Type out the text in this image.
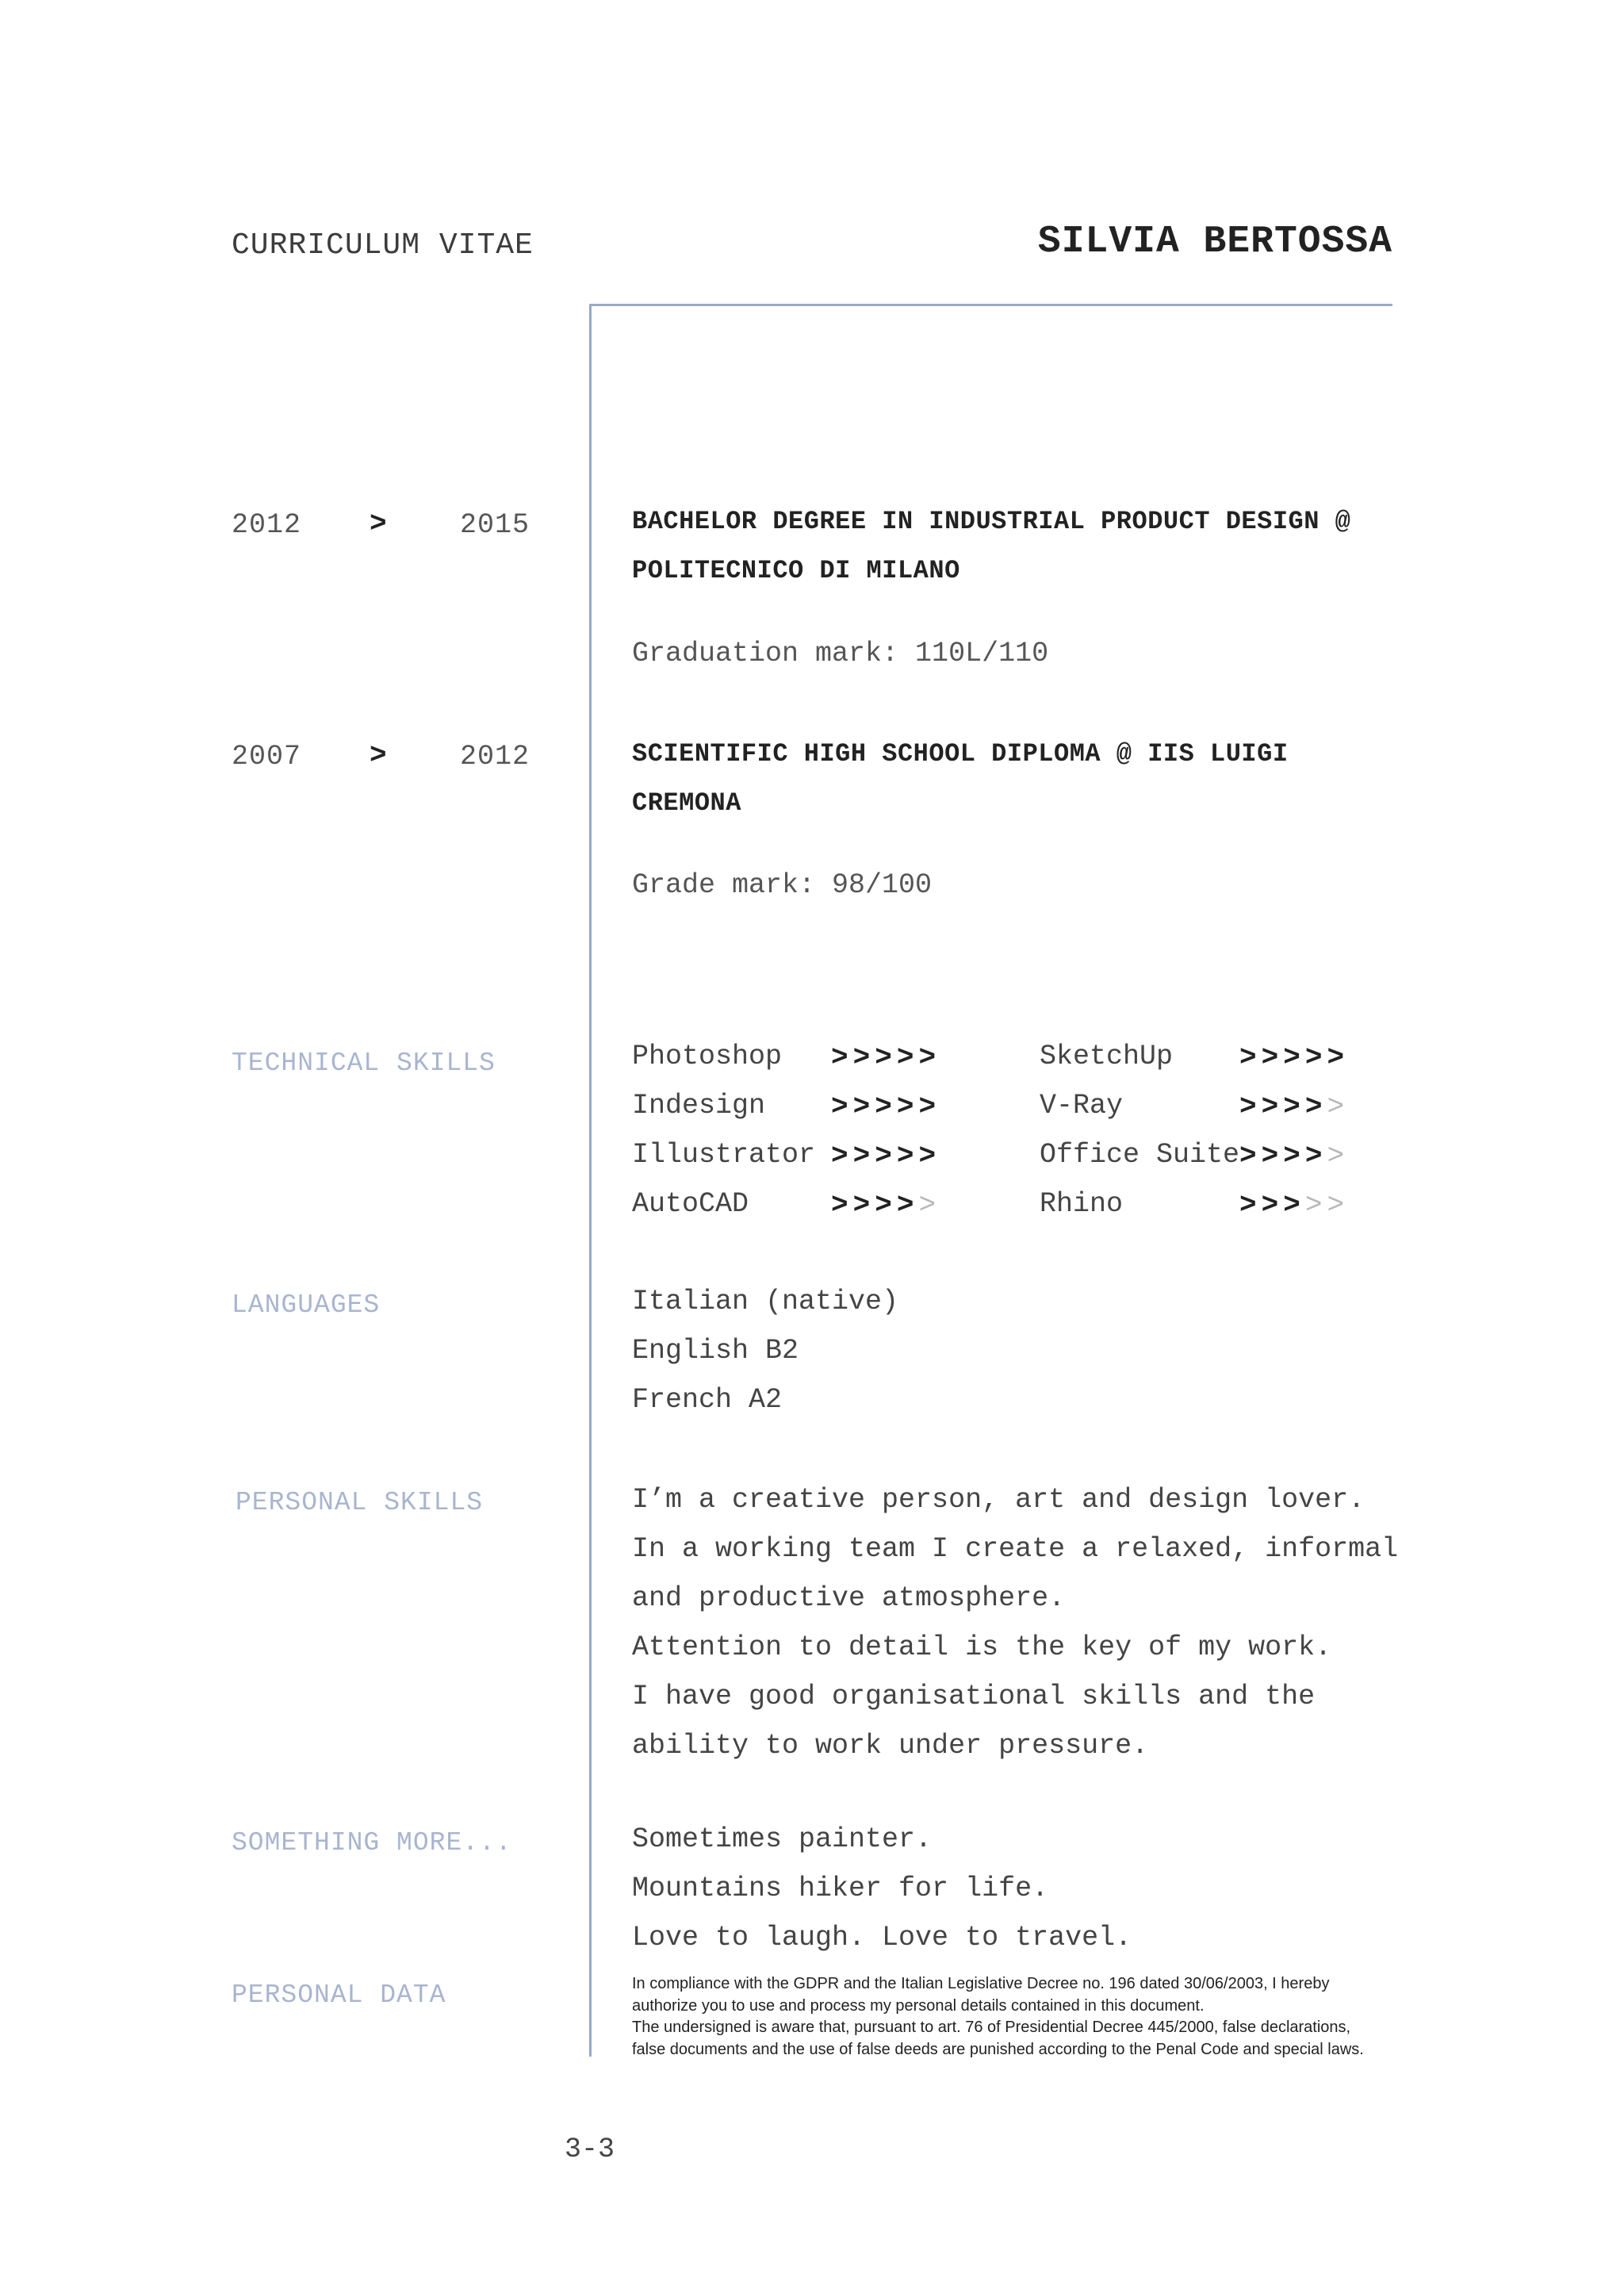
CURRICULUM VITAE	SILVIA BERTOSSA
2012 >	2015	BACHELOR DEGREE IN INDUSTRIAL PRODUCT DESIGN @
POLITECNICO DI MILANO
Graduation mark: 110L/110
2007 >	2012	SCIENTIFIC HIGH SCHOOL DIPLOMA @ IIS LUIGI
CREMONA
Grade mark: 98/100
TECHNICAL SKILLS
LANGUAGES
PERSONAL SKILLS
SOMETHING MORE...
PERSONAL DATA
Photoshop >>>>>	SketchUp >>>>>
Indesign >>>>>	V-Ray	>>>>>
Illustrator >>>>>	Office Suite >>>>>
AutoCAD	>>>>>	Rhino	>>>>>
Italian (native)
English B2
French A2
I’m a creative person, art and design lover.
In a working team I create a relaxed, informal
and productive atmosphere.
Attention to detail is the key of my work.
I have good organisational skills and the
ability to work under pressure.
Sometimes painter.
Mountains hiker for life.
Love to laugh. Love to travel.
In compliance with the GDPR and the Italian Legislative Decree no. 196 dated 30/06/2003, I hereby
authorize you to use and process my personal details contained in this document.
The undersigned is aware that, pursuant to art. 76 of Presidential Decree 445/2000, false declarations,
false documents and the use of false deeds are punished according to the Penal Code and special laws.
3-3
